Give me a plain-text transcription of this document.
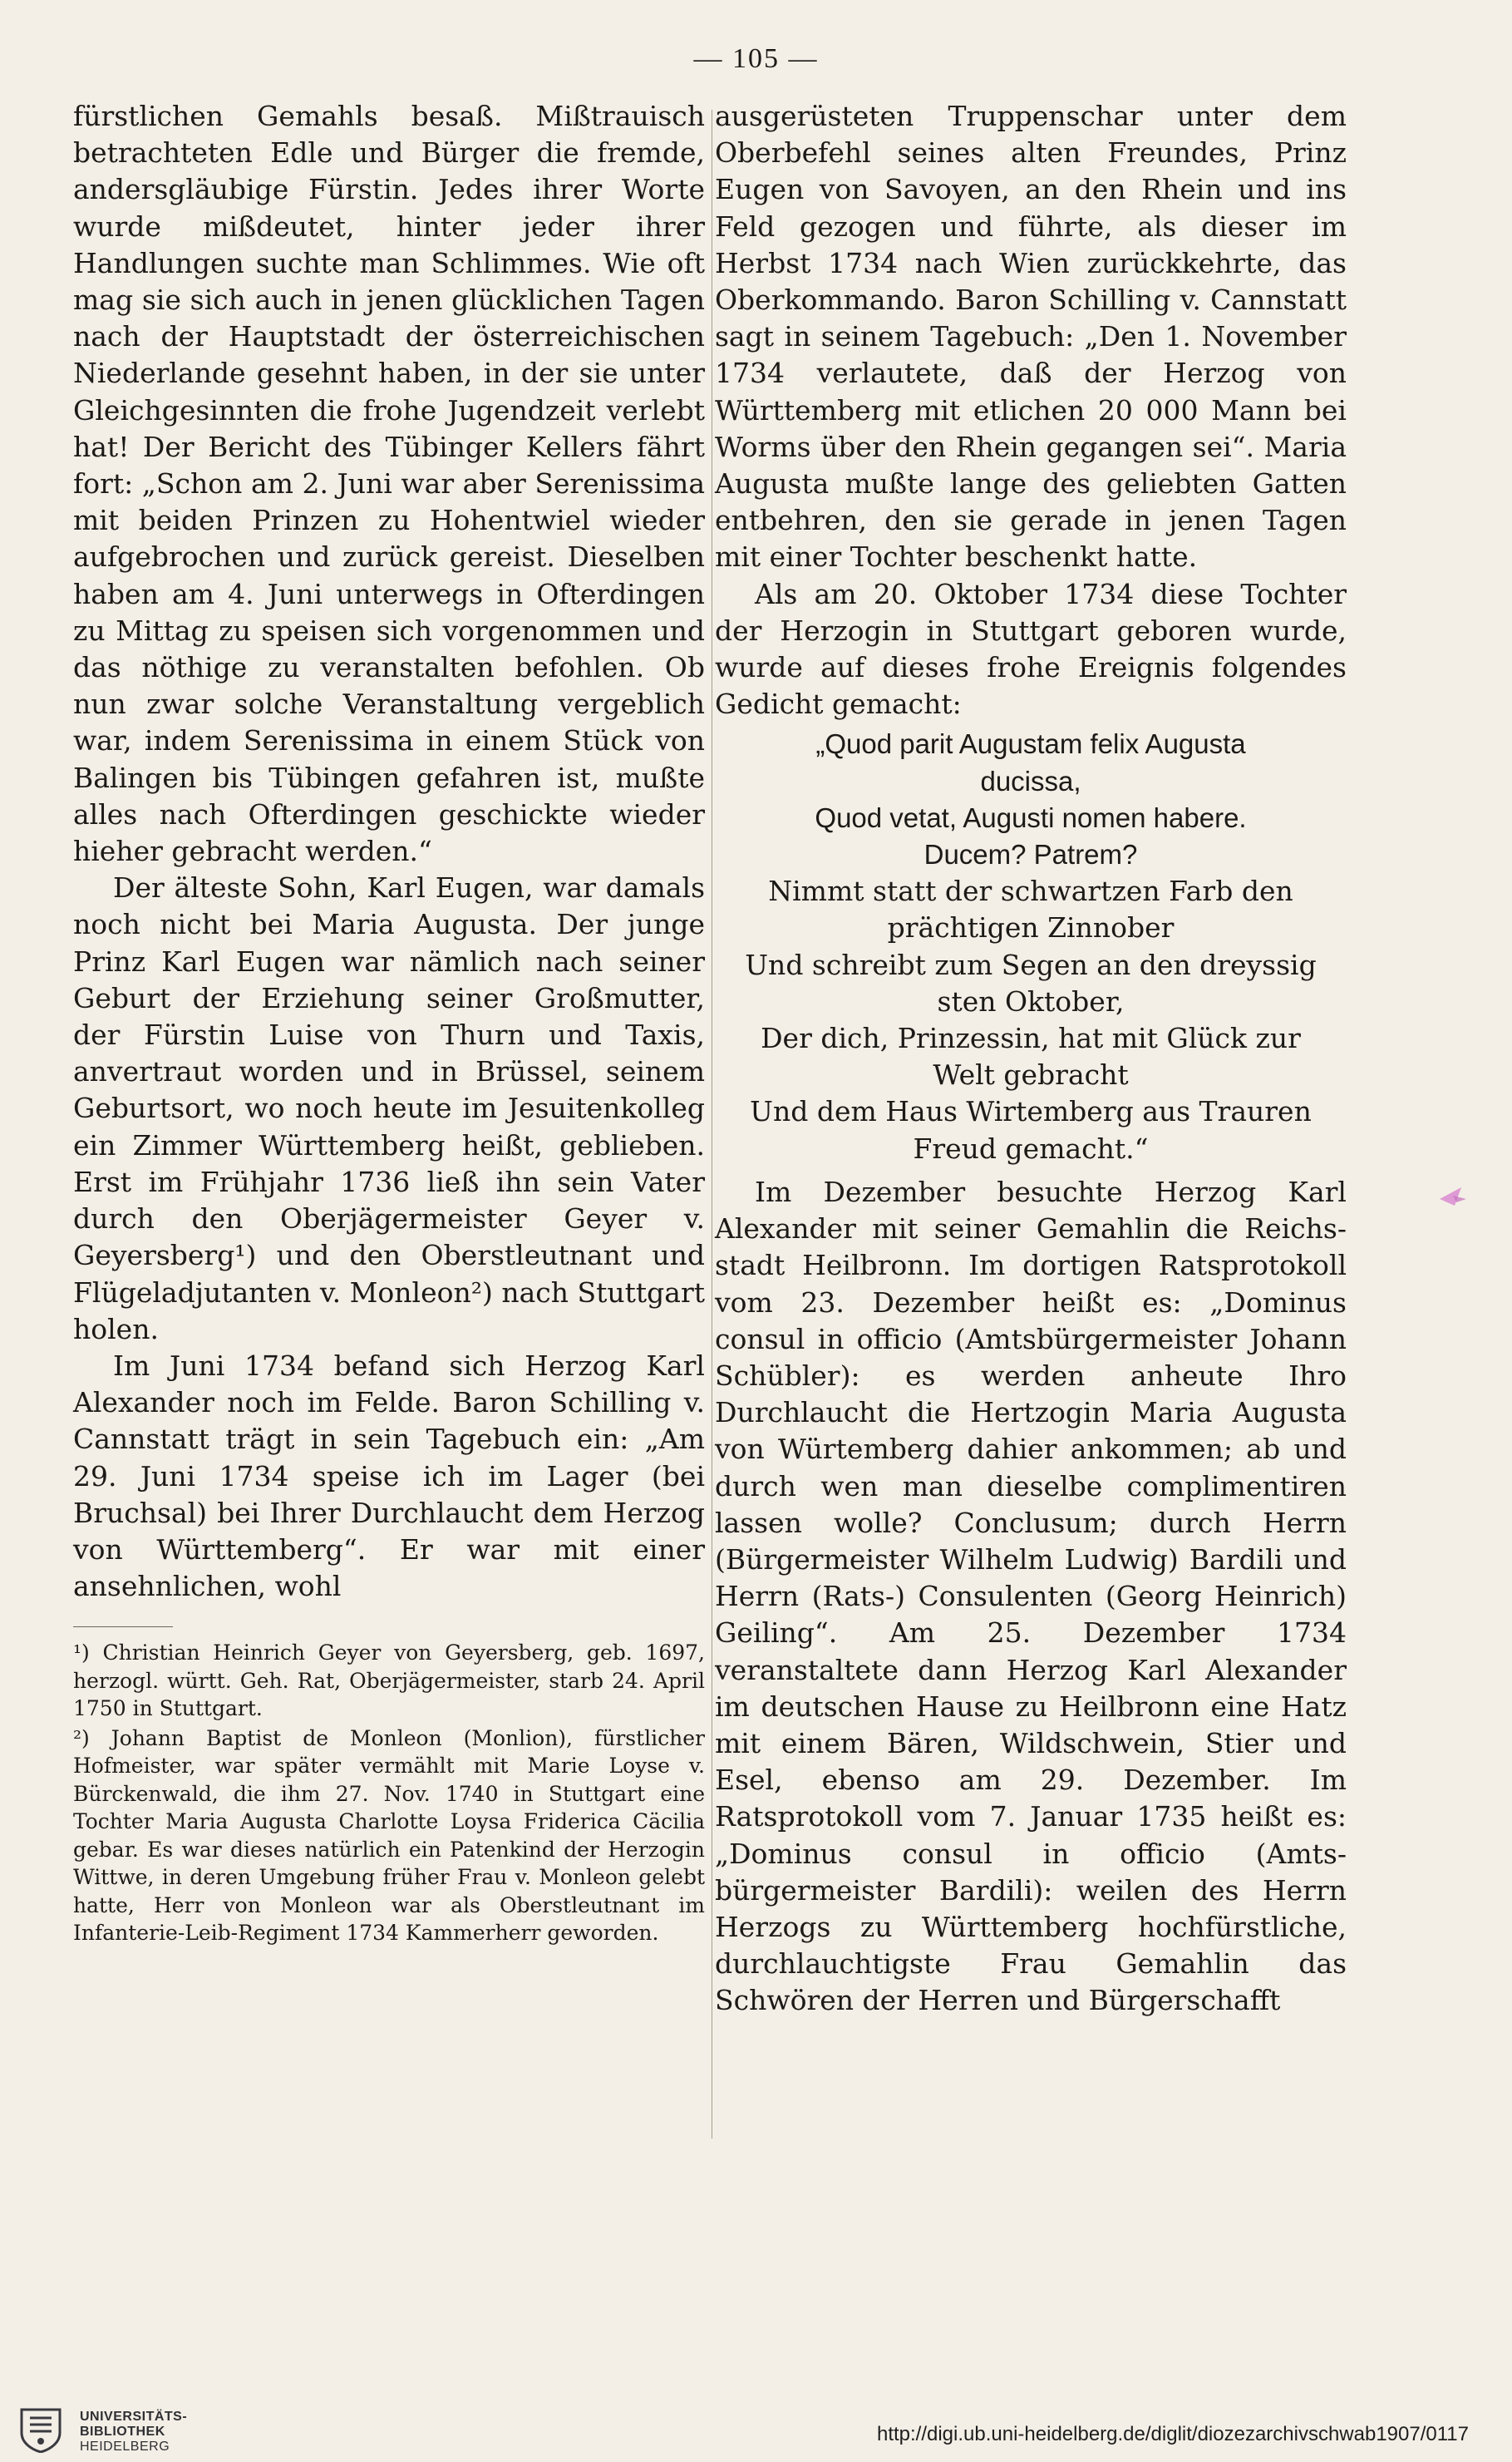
— 105 —

fürstlichen Gemahls besaß. Mißtrauisch betrachteten Edle und Bürger die fremde, andersgläubige Fürstin. Jedes ihrer Worte wurde mißdeutet, hinter jeder ihrer Handlungen suchte man Schlimmes. Wie oft mag sie sich auch in jenen glücklichen Tagen nach der Hauptstadt der österreichischen Niederlande gesehnt haben, in der sie unter Gleichgesinnten die frohe Jugendzeit verlebt hat! Der Bericht des Tübinger Kellers fährt fort: „Schon am 2. Juni war aber Serenissima mit beiden Prinzen zu Hohentwiel wieder aufgebrochen und zurück gereist. Dieselben haben am 4. Juni unterwegs in Ofterdingen zu Mittag zu speisen sich vorgenommen und das nöthige zu veranstalten befohlen. Ob nun zwar solche Veranstaltung vergeblich war, indem Serenissima in einem Stück von Balingen bis Tübingen gefahren ist, mußte alles nach Ofterdingen geschickte wieder hieher gebracht werden.“

Der älteste Sohn, Karl Eugen, war damals noch nicht bei Maria Augusta. Der junge Prinz Karl Eugen war nämlich nach seiner Geburt der Erziehung seiner Großmutter, der Fürstin Luise von Thurn und Taxis, anvertraut worden und in Brüssel, seinem Geburtsort, wo noch heute im Jesuitenkolleg ein Zimmer Württemberg heißt, geblieben. Erst im Frühjahr 1736 ließ ihn sein Vater durch den Oberjägermeister Geyer v. Geyersberg¹) und den Oberstleutnant und Flügeladjutanten v. Monleon²) nach Stuttgart holen.

Im Juni 1734 befand sich Herzog Karl Alexander noch im Felde. Baron Schilling v. Cannstatt trägt in sein Tagebuch ein: „Am 29. Juni 1734 speise ich im Lager (bei Bruchsal) bei Ihrer Durchlaucht dem Herzog von Württemberg“. Er war mit einer ansehnlichen, wohl

¹) Christian Heinrich Geyer von Geyersberg, geb. 1697, herzogl. württ. Geh. Rat, Oberjägermeister, starb 24. April 1750 in Stuttgart.

²) Johann Baptist de Monleon (Monlion), fürstlicher Hofmeister, war später vermählt mit Marie Loyse v. Bürckenwald, die ihm 27. Nov. 1740 in Stuttgart eine Tochter Maria Augusta Charlotte Loysa Friderica Cäcilia gebar. Es war dieses natürlich ein Patenkind der Herzogin Wittwe, in deren Umgebung früher Frau v. Monleon gelebt hatte, Herr von Monleon war als Oberstleutnant im Infanterie-Leib-Regiment 1734 Kammerherr geworden.

ausgerüsteten Truppenschar unter dem Oberbefehl seines alten Freundes, Prinz Eugen von Savoyen, an den Rhein und ins Feld gezogen und führte, als dieser im Herbst 1734 nach Wien zurückkehrte, das Oberkommando. Baron Schilling v. Cannstatt sagt in seinem Tagebuch: „Den 1. November 1734 verlautete, daß der Herzog von Württemberg mit etlichen 20 000 Mann bei Worms über den Rhein gegangen sei“. Maria Augusta mußte lange des geliebten Gatten entbehren, den sie gerade in jenen Tagen mit einer Tochter beschenkt hatte.

Als am 20. Oktober 1734 diese Tochter der Herzogin in Stuttgart geboren wurde, wurde auf dieses frohe Ereignis folgendes Gedicht gemacht:

„Quod parit Augustam felix Augusta

ducissa,

Quod vetat, Augusti nomen habere.

Ducem? Patrem?

Nimmt statt der schwartzen Farb den

prächtigen Zinnober

Und schreibt zum Segen an den dreyssig

sten Oktober,

Der dich, Prinzessin, hat mit Glück zur

Welt gebracht

Und dem Haus Wirtemberg aus Trauren

Freud gemacht.“

Im Dezember besuchte Herzog Karl Alexander mit seiner Gemahlin die Reichsstadt Heilbronn. Im dortigen Ratsprotokoll vom 23. Dezember heißt es: „Dominus consul in officio (Amtsbürgermeister Johann Schübler): es werden anheute Ihro Durchlaucht die Hertzogin Maria Augusta von Würtemberg dahier ankommen; ab und durch wen man dieselbe complimentiren lassen wolle? Conclusum; durch Herrn (Bürgermeister Wilhelm Ludwig) Bardili und Herrn (Rats-) Consulenten (Georg Heinrich) Geiling“. Am 25. Dezember 1734 veranstaltete dann Herzog Karl Alexander im deutschen Hause zu Heilbronn eine Hatz mit einem Bären, Wildschwein, Stier und Esel, ebenso am 29. Dezember. Im Ratsprotokoll vom 7. Januar 1735 heißt es: „Dominus consul in officio (Amtsbürgermeister Bardili): weilen des Herrn Herzogs zu Württemberg hochfürstliche, durchlauchtigste Frau Gemahlin das Schwören der Herren und Bürgerschafft

UNIVERSITÄTS-
BIBLIOTHEK
HEIDELBERG
http://digi.ub.uni-heidelberg.de/diglit/diozezarchivschwab1907/0117
